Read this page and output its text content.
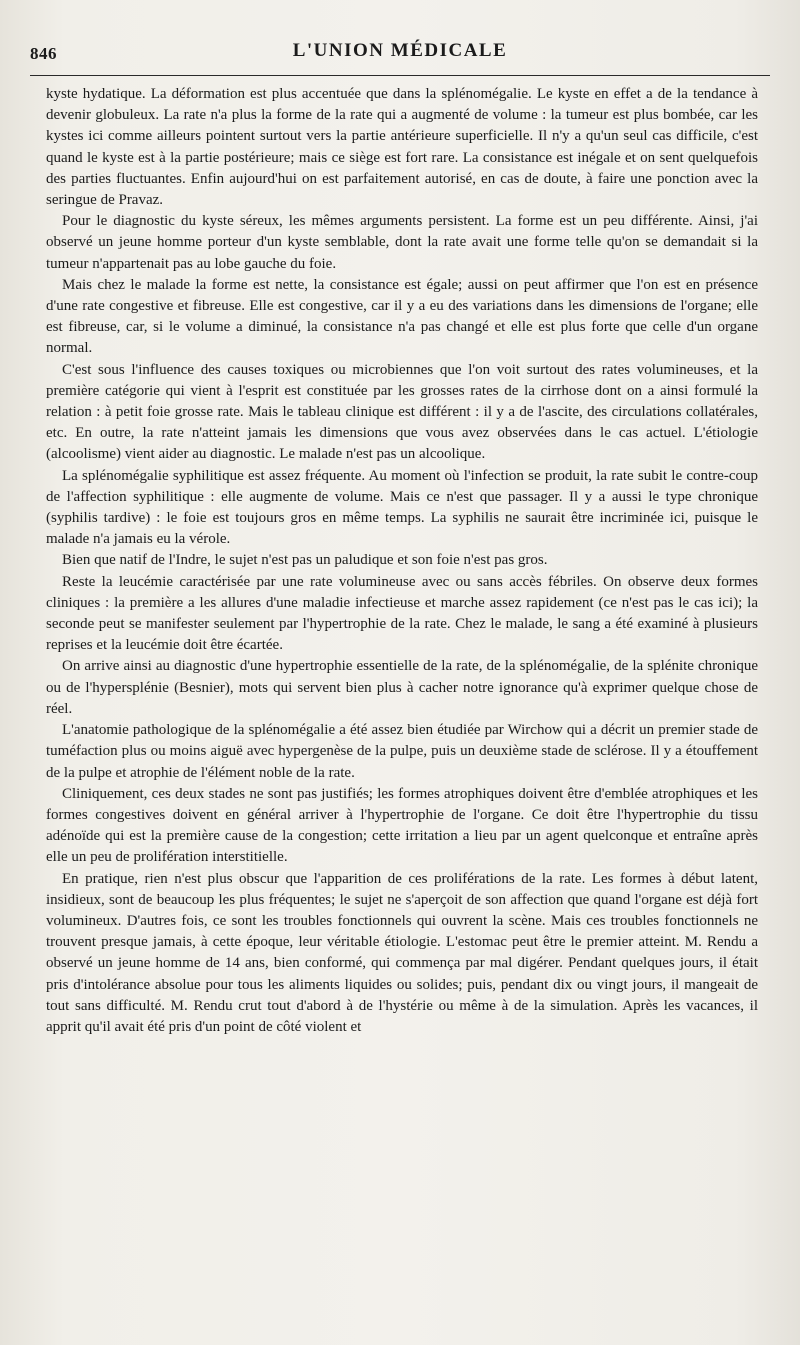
846	L'UNION MÉDICALE

kyste hydatique. La déformation est plus accentuée que dans la splénomégalie. Le kyste en effet a de la tendance à devenir globuleux. La rate n'a plus la forme de la rate qui a augmenté de volume : la tumeur est plus bombée, car les kystes ici comme ailleurs pointent surtout vers la partie antérieure superficielle. Il n'y a qu'un seul cas difficile, c'est quand le kyste est à la partie postérieure; mais ce siège est fort rare. La consistance est inégale et on sent quelquefois des parties fluctuantes. Enfin aujourd'hui on est parfaitement autorisé, en cas de doute, à faire une ponction avec la seringue de Pravaz.

Pour le diagnostic du kyste séreux, les mêmes arguments persistent. La forme est un peu différente. Ainsi, j'ai observé un jeune homme porteur d'un kyste semblable, dont la rate avait une forme telle qu'on se demandait si la tumeur n'appartenait pas au lobe gauche du foie.

Mais chez le malade la forme est nette, la consistance est égale; aussi on peut affirmer que l'on est en présence d'une rate congestive et fibreuse. Elle est congestive, car il y a eu des variations dans les dimensions de l'organe; elle est fibreuse, car, si le volume a diminué, la consistance n'a pas changé et elle est plus forte que celle d'un organe normal.

C'est sous l'influence des causes toxiques ou microbiennes que l'on voit surtout des rates volumineuses, et la première catégorie qui vient à l'esprit est constituée par les grosses rates de la cirrhose dont on a ainsi formulé la relation : à petit foie grosse rate. Mais le tableau clinique est différent : il y a de l'ascite, des circulations collatérales, etc. En outre, la rate n'atteint jamais les dimensions que vous avez observées dans le cas actuel. L'étiologie (alcoolisme) vient aider au diagnostic. Le malade n'est pas un alcoolique.

La splénomégalie syphilitique est assez fréquente. Au moment où l'infection se produit, la rate subit le contre-coup de l'affection syphilitique : elle augmente de volume. Mais ce n'est que passager. Il y a aussi le type chronique (syphilis tardive) : le foie est toujours gros en même temps. La syphilis ne saurait être incriminée ici, puisque le malade n'a jamais eu la vérole.

Bien que natif de l'Indre, le sujet n'est pas un paludique et son foie n'est pas gros.

Reste la leucémie caractérisée par une rate volumineuse avec ou sans accès fébriles. On observe deux formes cliniques : la première a les allures d'une maladie infectieuse et marche assez rapidement (ce n'est pas le cas ici); la seconde peut se manifester seulement par l'hypertrophie de la rate. Chez le malade, le sang a été examiné à plusieurs reprises et la leucémie doit être écartée.

On arrive ainsi au diagnostic d'une hypertrophie essentielle de la rate, de la splénomégalie, de la splénite chronique ou de l'hypersplénie (Besnier), mots qui servent bien plus à cacher notre ignorance qu'à exprimer quelque chose de réel.

L'anatomie pathologique de la splénomégalie a été assez bien étudiée par Wirchow qui a décrit un premier stade de tuméfaction plus ou moins aiguë avec hypergenèse de la pulpe, puis un deuxième stade de sclérose. Il y a étouffement de la pulpe et atrophie de l'élément noble de la rate.

Cliniquement, ces deux stades ne sont pas justifiés; les formes atrophiques doivent être d'emblée atrophiques et les formes congestives doivent en général arriver à l'hypertrophie de l'organe. Ce doit être l'hypertrophie du tissu adénoïde qui est la première cause de la congestion; cette irritation a lieu par un agent quelconque et entraîne après elle un peu de prolifération interstitielle.

En pratique, rien n'est plus obscur que l'apparition de ces proliférations de la rate. Les formes à début latent, insidieux, sont de beaucoup les plus fréquentes; le sujet ne s'aperçoit de son affection que quand l'organe est déjà fort volumineux. D'autres fois, ce sont les troubles fonctionnels qui ouvrent la scène. Mais ces troubles fonctionnels ne trouvent presque jamais, à cette époque, leur véritable étiologie. L'estomac peut être le premier atteint. M. Rendu a observé un jeune homme de 14 ans, bien conformé, qui commença par mal digérer. Pendant quelques jours, il était pris d'intolérance absolue pour tous les aliments liquides ou solides; puis, pendant dix ou vingt jours, il mangeait de tout sans difficulté. M. Rendu crut tout d'abord à de l'hystérie ou même à de la simulation. Après les vacances, il apprit qu'il avait été pris d'un point de côté violent et
